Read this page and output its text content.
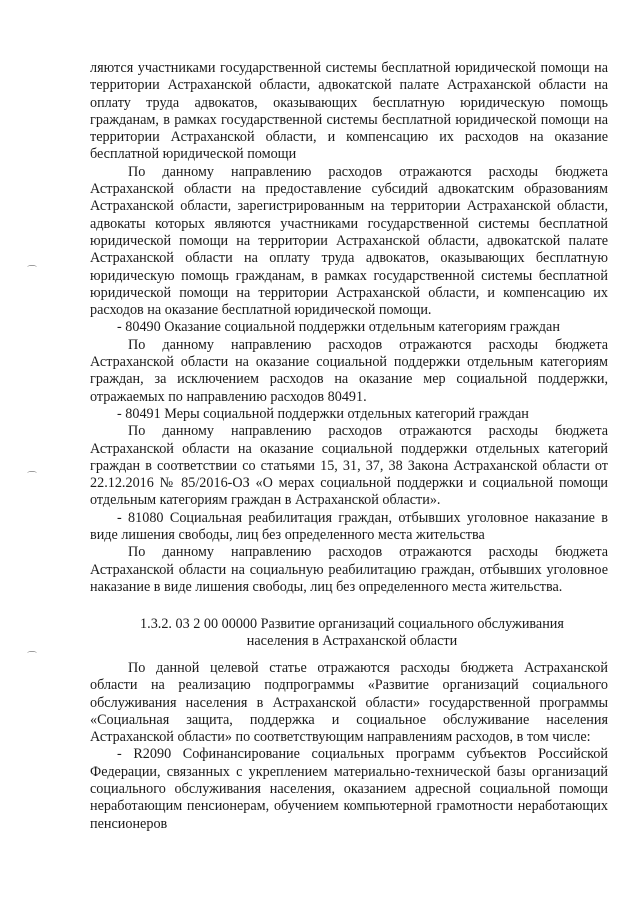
⌒
⌒
⌒

ляются участниками государственной системы бесплатной юридической помощи на территории Астраханской области, адвокатской палате Астраханской области на оплату труда адвокатов, оказывающих бесплатную юридическую помощь гражданам, в рамках государственной системы бесплатной юридической помощи на территории Астраханской области, и компенсацию их расходов на оказание бесплатной юридической помощи

По данному направлению расходов отражаются расходы бюджета Астраханской области на предоставление субсидий адвокатским образованиям Астраханской области, зарегистрированным на территории Астраханской области, адвокаты которых являются участниками государственной системы бесплатной юридической помощи на территории Астраханской области, адвокатской палате Астраханской области на оплату труда адвокатов, оказывающих бесплатную юридическую помощь гражданам, в рамках государственной системы бесплатной юридической помощи на территории Астраханской области, и компенсацию их расходов на оказание бесплатной юридической помощи.

- 80490 Оказание социальной поддержки отдельным категориям граждан

По данному направлению расходов отражаются расходы бюджета Астраханской области на оказание социальной поддержки отдельным категориям граждан, за исключением расходов на оказание мер социальной поддержки, отражаемых по направлению расходов 80491.

- 80491 Меры социальной поддержки отдельных категорий граждан

По данному направлению расходов отражаются расходы бюджета Астраханской области на оказание социальной поддержки отдельных категорий граждан в соответствии со статьями 15, 31, 37, 38 Закона Астраханской области от 22.12.2016 № 85/2016-ОЗ «О мерах социальной поддержки и социальной помощи отдельным категориям граждан в Астраханской области».

- 81080 Социальная реабилитация граждан, отбывших уголовное наказание в виде лишения свободы, лиц без определенного места жительства

По данному направлению расходов отражаются расходы бюджета Астраханской области на социальную реабилитацию граждан, отбывших уголовное наказание в виде лишения свободы, лиц без определенного места жительства.

1.3.2. 03 2 00 00000 Развитие организаций социального обслуживания
населения в Астраханской области

По данной целевой статье отражаются расходы бюджета Астраханской области на реализацию подпрограммы «Развитие организаций социального обслуживания населения в Астраханской области» государственной программы «Социальная защита, поддержка и социальное обслуживание населения Астраханской области» по соответствующим направлениям расходов, в том числе:

- R2090 Софинансирование социальных программ субъектов Российской Федерации, связанных с укреплением материально-технической базы организаций социального обслуживания населения, оказанием адресной социальной помощи неработающим пенсионерам, обучением компьютерной грамотности неработающих пенсионеров
